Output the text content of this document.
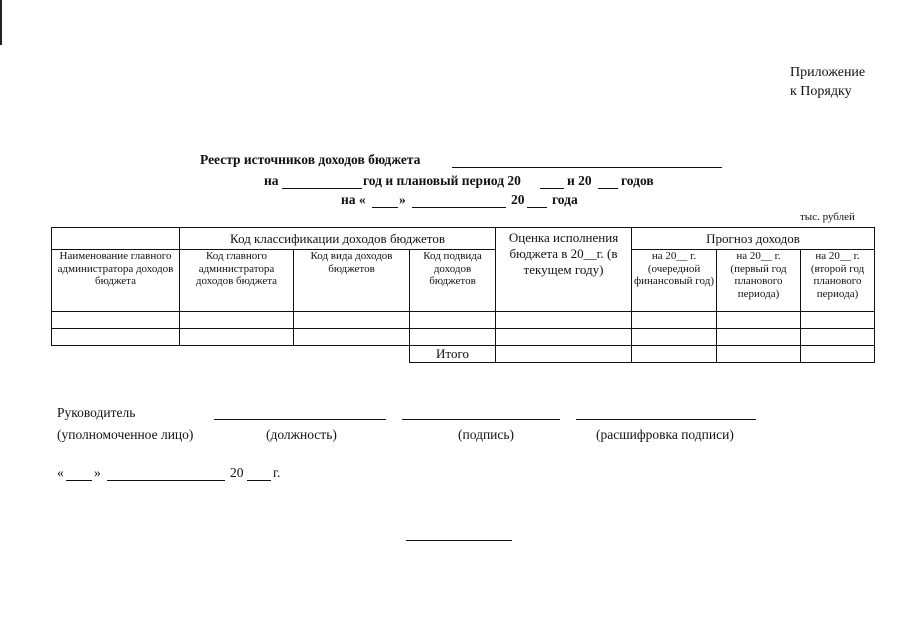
Приложение
к Порядку
Реестр источников доходов бюджета
на	год и плановый период 20	и 20 годов
на « »	20 года
тыс. рублей
	Код классификации доходов бюджетов			Оценка исполнения бюджета в 20__г. (в текущем году)	Прогноз доходов		
Наименование главного администратора доходов бюджета	Код главного администратора доходов бюджета	Код вида доходов бюджетов	Код подвида доходов бюджетов		на 20__ г. (очередной финансовый год)	на 20__ г. (первый год планового периода)	на 20__ г. (второй год планового периода)

			Итого				
Руководитель
(уполномоченное лицо)	(должность)	(подпись)	(расшифровка подписи)
« »	20 г.
